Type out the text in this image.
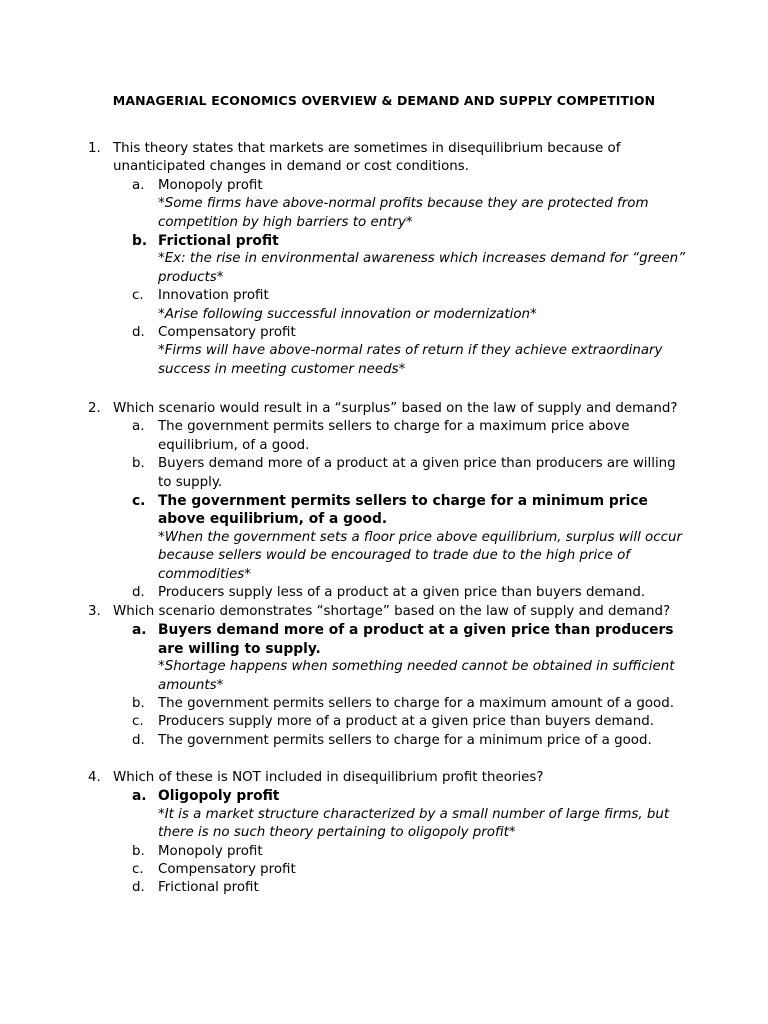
MANAGERIAL ECONOMICS OVERVIEW & DEMAND AND SUPPLY COMPETITION
1. This theory states that markets are sometimes in disequilibrium because of unanticipated changes in demand or cost conditions.
a. Monopoly profit
*Some firms have above-normal profits because they are protected from competition by high barriers to entry*
b. Frictional profit
*Ex: the rise in environmental awareness which increases demand for “green” products*
c. Innovation profit
*Arise following successful innovation or modernization*
d. Compensatory profit
*Firms will have above-normal rates of return if they achieve extraordinary success in meeting customer needs*
2. Which scenario would result in a “surplus” based on the law of supply and demand?
a. The government permits sellers to charge for a maximum price above equilibrium, of a good.
b. Buyers demand more of a product at a given price than producers are willing to supply.
c. The government permits sellers to charge for a minimum price above equilibrium, of a good.
*When the government sets a floor price above equilibrium, surplus will occur because sellers would be encouraged to trade due to the high price of commodities*
d. Producers supply less of a product at a given price than buyers demand.
3. Which scenario demonstrates “shortage” based on the law of supply and demand?
a. Buyers demand more of a product at a given price than producers are willing to supply.
*Shortage happens when something needed cannot be obtained in sufficient amounts*
b. The government permits sellers to charge for a maximum amount of a good.
c. Producers supply more of a product at a given price than buyers demand.
d. The government permits sellers to charge for a minimum price of a good.
4. Which of these is NOT included in disequilibrium profit theories?
a. Oligopoly profit
*It is a market structure characterized by a small number of large firms, but there is no such theory pertaining to oligopoly profit*
b. Monopoly profit
c. Compensatory profit
d. Frictional profit
